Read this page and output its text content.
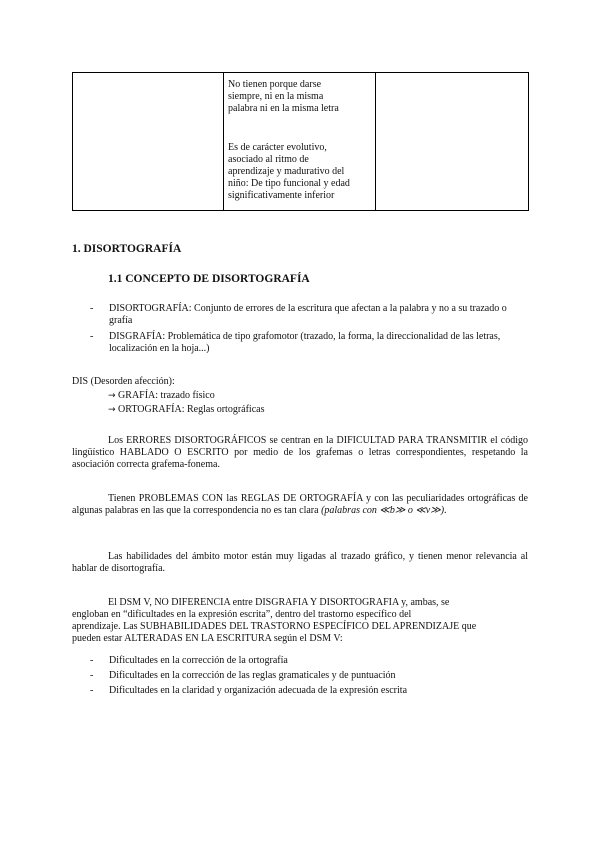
No tienen porque darse
siempre, ni en la misma
palabra ni en la misma letra

Es de carácter evolutivo,
asociado al ritmo de
aprendizaje y madurativo del
niño: De tipo funcional y edad
significativamente inferior

1. DISORTOGRAFÍA

1.1 CONCEPTO DE DISORTOGRAFÍA

- DISORTOGRAFÍA: Conjunto de errores de la escritura que afectan a la palabra y no a su trazado o grafía
- DISGRAFÍA: Problemática de tipo grafomotor (trazado, la forma, la direccionalidad de las letras, localización en la hoja...)

DIS (Desorden afección):

→ GRAFÍA: trazado físico
→ ORTOGRAFÍA: Reglas ortográficas

Los ERRORES DISORTOGRÁFICOS se centran en la DIFICULTAD PARA TRANSMITIR el código lingüístico HABLADO O ESCRITO por medio de los grafemas o letras correspondientes, respetando la asociación correcta grafema-fonema.

Tienen PROBLEMAS CON las REGLAS DE ORTOGRAFÍA y con las peculiaridades ortográficas de algunas palabras en las que la correspondencia no es tan clara (palabras con ≪b≫ o ≪v≫).

Las habilidades del ámbito motor están muy ligadas al trazado gráfico, y tienen menor relevancia al hablar de disortografía.

El DSM V, NO DIFERENCIA entre DISGRAFIA Y DISORTOGRAFIA y, ambas, se
engloban en “dificultades en la expresión escrita”, dentro del trastorno específico del
aprendizaje. Las SUBHABILIDADES DEL TRASTORNO ESPECÍFICO DEL APRENDIZAJE que
pueden estar ALTERADAS EN LA ESCRITURA según el DSM V:
- Dificultades en la corrección de la ortografía
- Dificultades en la corrección de las reglas gramaticales y de puntuación
- Dificultades en la claridad y organización adecuada de la expresión escrita
